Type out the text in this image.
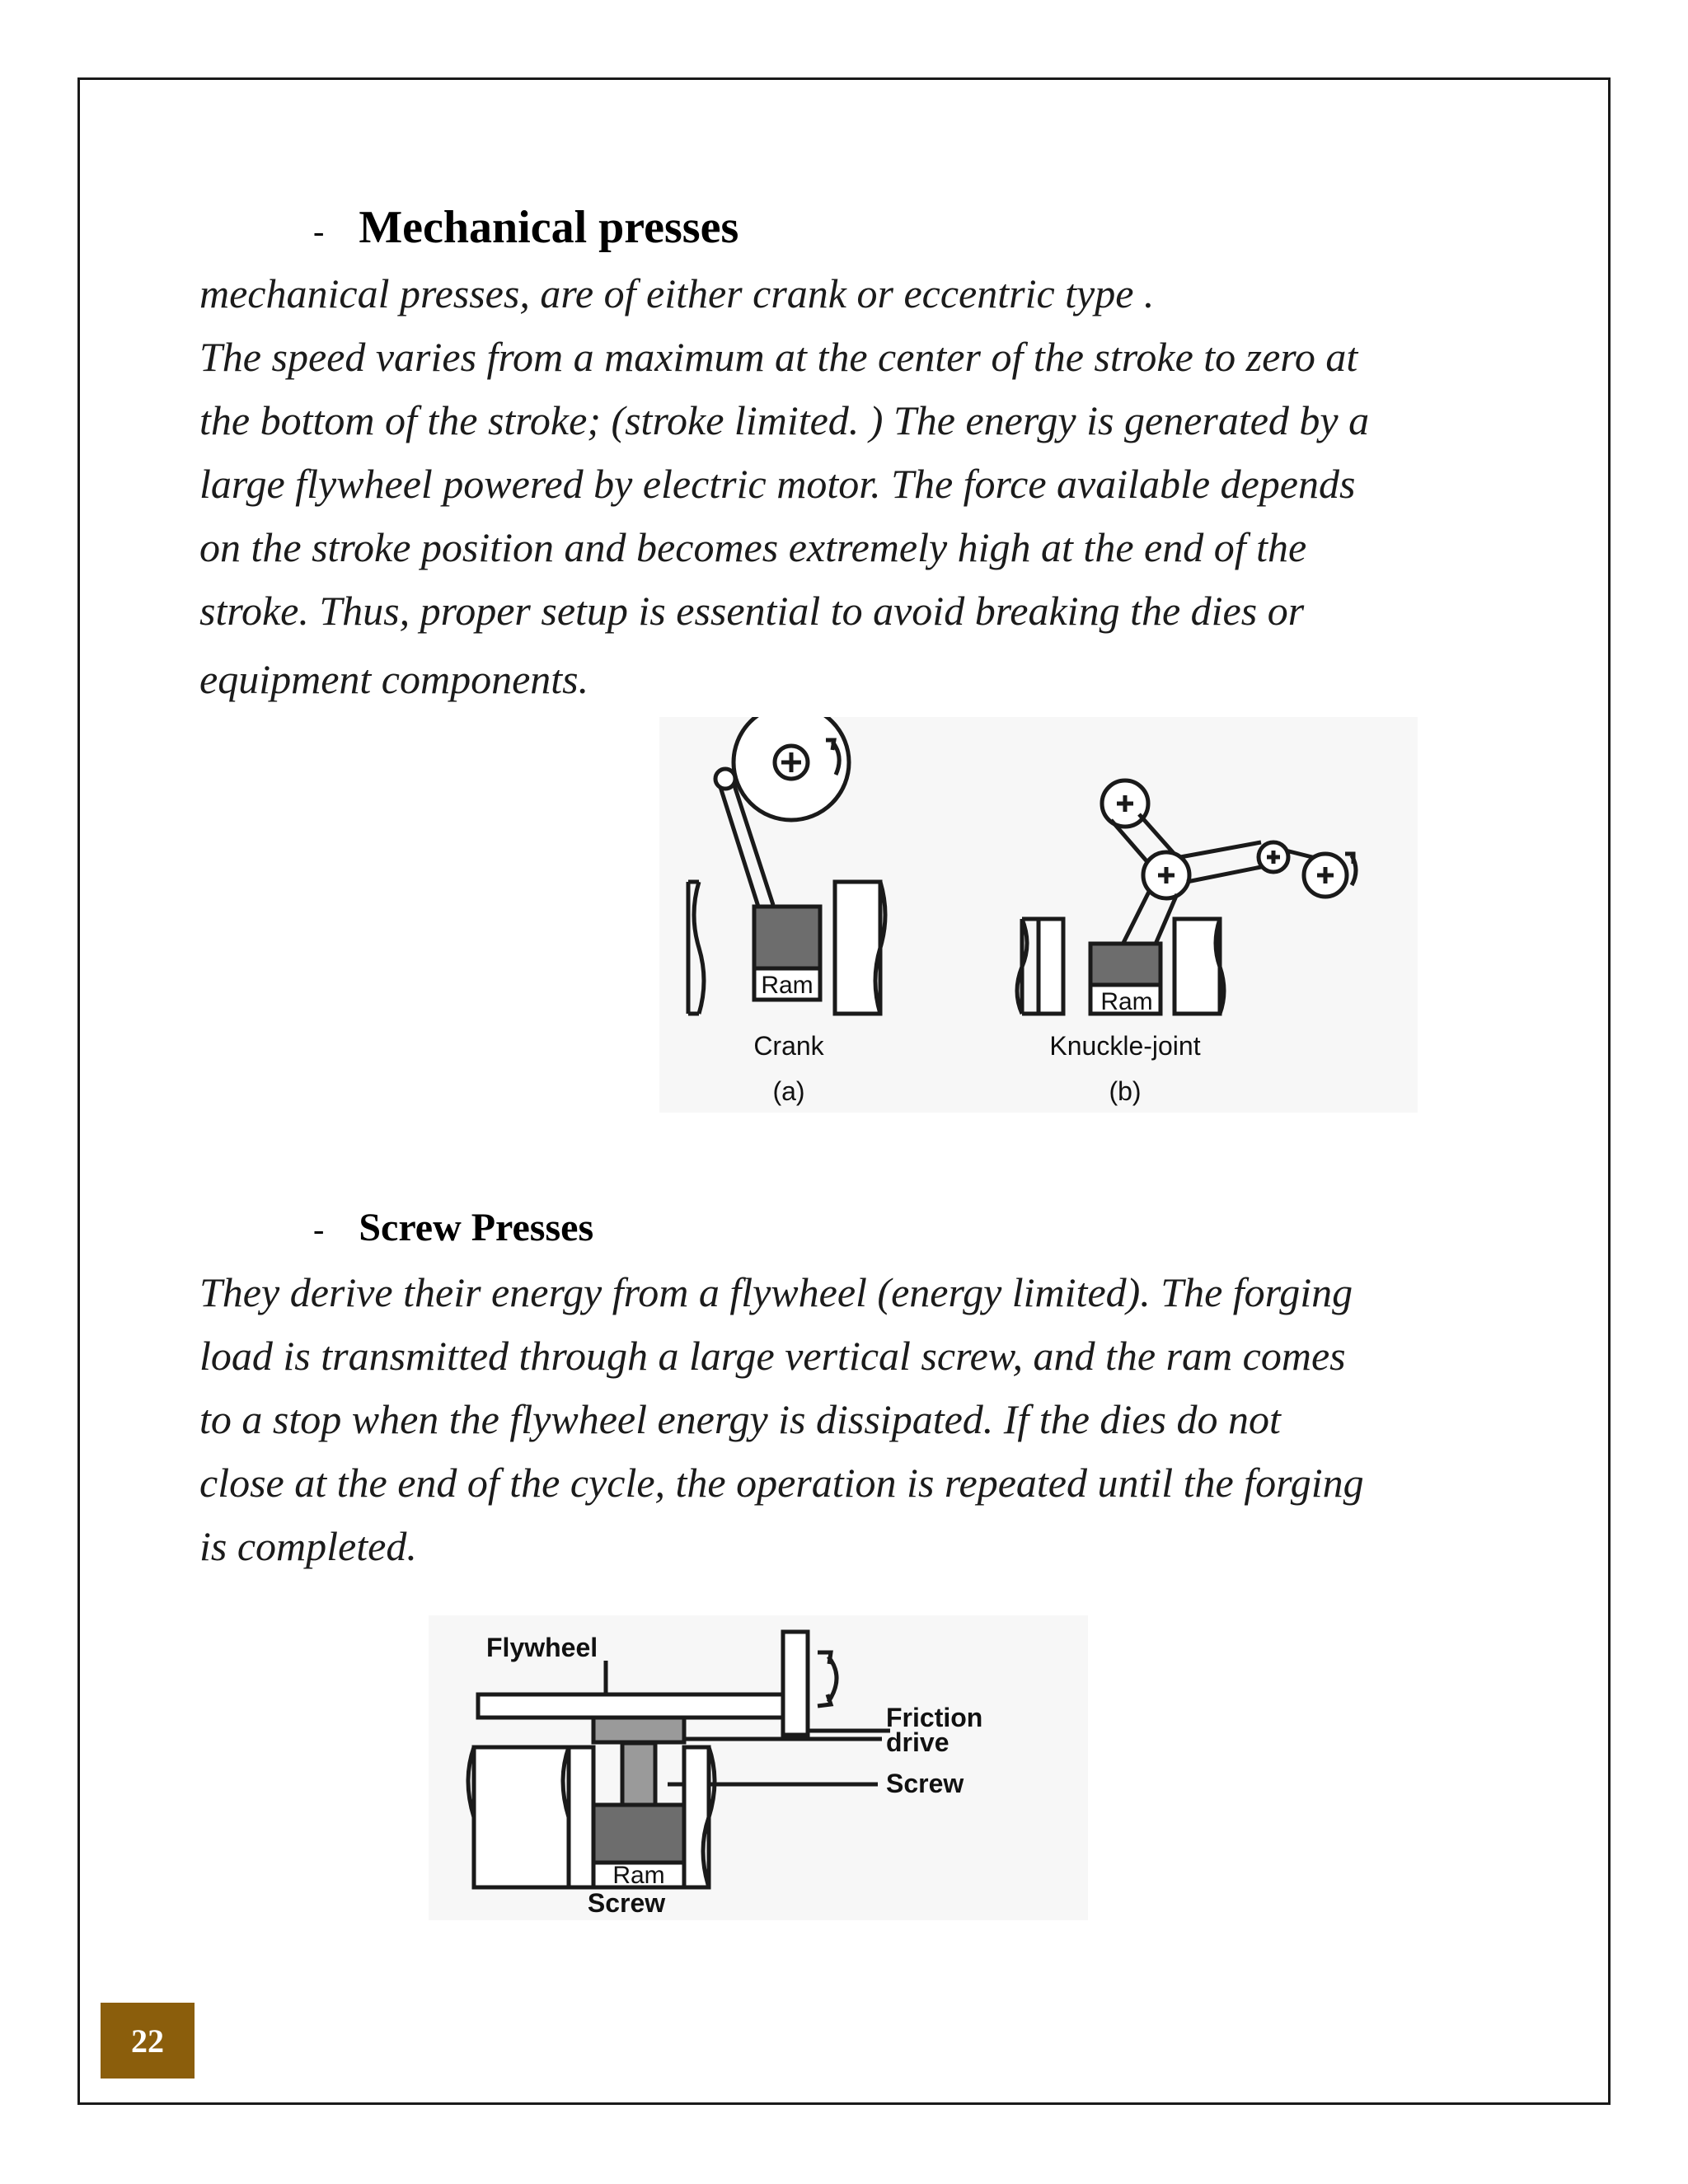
- Mechanical presses
mechanical presses, are of either crank or eccentric type .
The speed varies from a maximum at the center of the stroke to zero at
the bottom of the stroke; (stroke limited. ) The energy is generated by a
large flywheel powered by electric motor. The force available depends
on the stroke position and becomes extremely high at the end of the
stroke. Thus, proper setup is essential to avoid breaking the dies or
equipment components.
Ram
Crank
(a)
Ram
Knuckle-joint
(b)
- Screw Presses
They derive their energy from a flywheel (energy limited). The forging
load is transmitted through a large vertical screw, and the ram comes
to a stop when the flywheel energy is dissipated. If the dies do not
close at the end of the cycle, the operation is repeated until the forging
is completed.
Flywheel
Friction
drive
Screw
Ram
Screw
22
